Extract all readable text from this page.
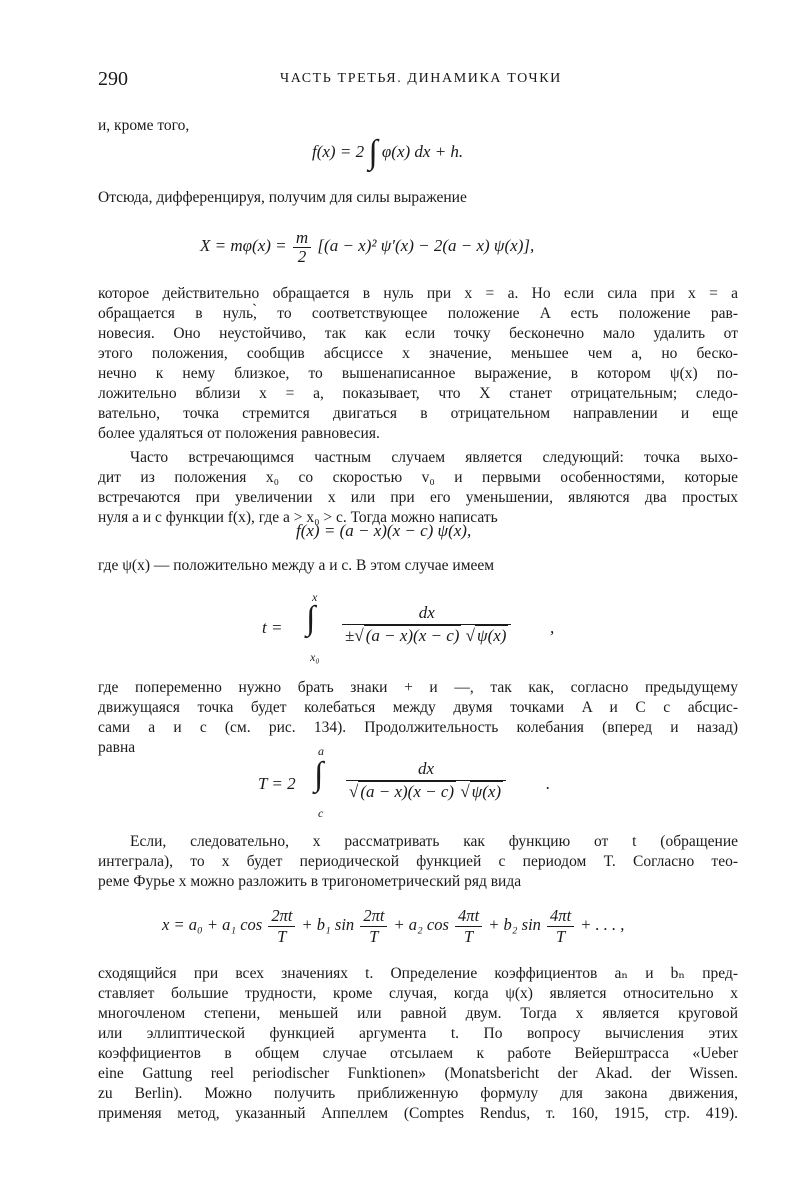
290	ЧАСТЬ ТРЕТЬЯ. ДИНАМИКА ТОЧКИ
и, кроме того,
f(x) = 2 ∫ φ(x) dx + h.
Отсюда, дифференцируя, получим для силы выражение
$X = m\varphi(x) = \frac{m}{2} [(a - x)^2$ ψ′(x) − 2(a − x) ψ(x)],
которое действительно обращается в нуль при x = a. Но если сила при x = a
обращается в нуль,̀ то соответствующее положение A есть положение рав-
новесия. Оно неустойчиво, так как если точку бесконечно мало удалить от
этого положения, сообщив абсциссе x значение, меньшее чем a, но беско-
нечно к нему близкое, то вышенаписанное выражение, в котором ψ(x) по-
ложительно вблизи x = a, показывает, что X станет отрицательным; следо-
вательно, точка стремится двигаться в отрицательном направлении и еще
более удаляться от положения равновесия.
Часто встречающимся частным случаем является следующий: точка выхо-
дит из положения x₀ со скоростью v₀ и первыми особенностями, которые
встречаются при увеличении x или при его уменьшении, являются два простых
нуля a и c функции f(x), где a > x₀ > c. Тогда можно написать
f(x) = (a − x)(x − c) ψ(x),
где ψ(x) — положительно между a и c. В этом случае имеем
t =
x
∫
x₀
$\frac{dx}{\pm√ (a - x)(x - c) √ \psi(x)}$ ,
где попеременно нужно брать знаки + и —, так как, согласно предыдущему
движущаяся точка будет колебаться между двумя точками A и C с абсцис-
сами a и c (см. рис. 134). Продолжительность колебания (вперед и назад)
равна
T = 2
a
∫
c
$\frac{dx}{√ (a - x)(x - c) √ \psi(x)}$ .
Если, следовательно, x рассматривать как функцию от t (обращение
интеграла), то x будет периодической функцией с периодом T. Согласно тео-
реме Фурье x можно разложить в тригонометрический ряд вида
x = a₀ + a₁ $\cos \frac{2\pi t}{T} + b_1$ $\sin \frac{2\pi t}{T} + a_2$ $\cos \frac{4\pi t}{T} + b_2$ $\sin \frac{4\pi t}{T}$ + . . . ,
сходящийся при всех значениях t. Определение коэффициентов aₙ и bₙ пред-
ставляет большие трудности, кроме случая, когда ψ(x) является относительно x
многочленом степени, меньшей или равной двум. Тогда x является круговой
или эллиптической функцией аргумента t. По вопросу вычисления этих
коэффициентов в общем случае отсылаем к работе Вейерштрасса «Ueber
eine Gattung reel periodischer Funktionen» (Monatsbericht der Akad. der Wissen.
zu Berlin). Можно получить приближенную формулу для закона движения,
применяя метод, указанный Аппеллем (Comptes Rendus, т. 160, 1915, стр. 419).
